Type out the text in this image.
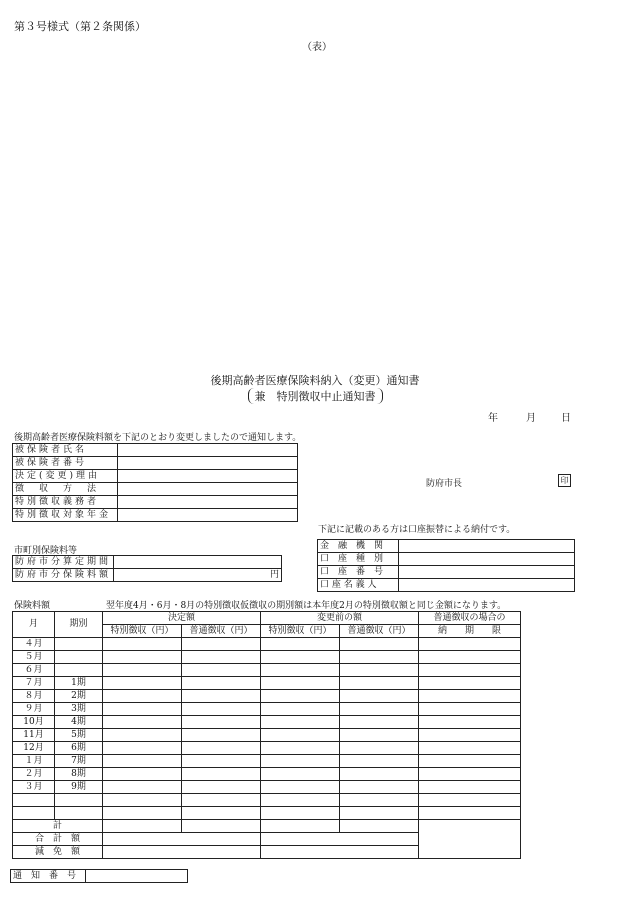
第３号様式（第２条関係）
（表）
後期高齢者医療保険料納入（変更）通知書
兼　特別徴収中止通知書
年	月	日
後期高齢者医療保険料額を下記のとおり変更しましたので通知します。
被保険者氏名	
被保険者番号	
決定(変更)理由	
徴　収　方　法	
特別徴収義務者	
特別徴収対象年金	
防府市長	印
下記に記載のある方は口座振替による納付です。
市町別保険料等
防府市分算定期間	
防府市分保険料額	円
金　融　機　関	
口　座　種　別	
口　座　番　号	
口 座 名 義 人	
保険料額	翌年度4月・6月・8月の特別徴収仮徴収の期別額は本年度2月の特別徴収額と同じ金額になります。
月	期別	決定額		変更前の額		普通徴収の場合の
		特別徴収（円）	普通徴収（円）	特別徴収（円）	普通徴収（円）	納　　期　　限
４月						
５月						
６月						
７月	1期					
８月	2期					
９月	3期					
10月	4期					
11月	5期					
12月	6期					
１月	7期					
２月	8期					
３月	9期					

計						
合　計　額						
減　免　額						
通　知　番　号	
